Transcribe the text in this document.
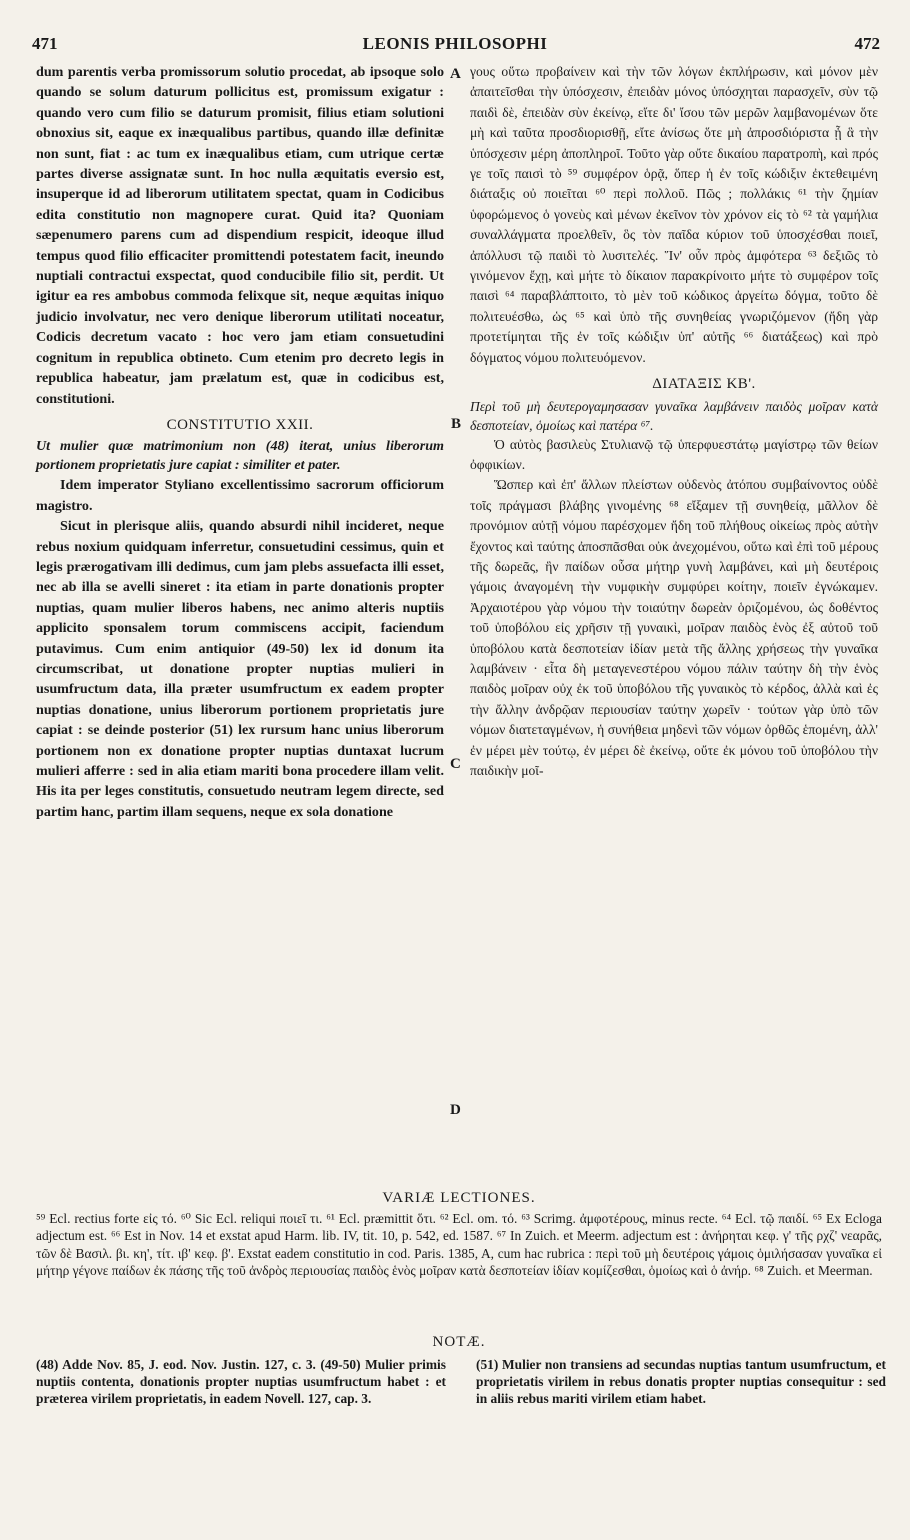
471	LEONIS PHILOSOPHI	472
A
B
C
D

dum parentis verba promissorum solutio procedat, ab ipsoque solo quando se solum daturum pollicitus est, promissum exigatur : quando vero cum filio se daturum promisit, filius etiam solutioni obnoxius sit, eaque ex inæqualibus partibus, quando illæ definitæ non sunt, fiat : ac tum ex inæqualibus etiam, cum utrique certæ partes diverse assignatæ sunt. In hoc nulla æquitatis eversio est, insuperque id ad liberorum utilitatem spectat, quam in Codicibus edita constitutio non magnopere curat. Quid ita? Quoniam sæpenumero parens cum ad dispendium respicit, ideoque illud tempus quod filio efficaciter promittendi potestatem facit, ineundo nuptiali contractui exspectat, quod conducibile filio sit, perdit. Ut igitur ea res ambobus commoda felixque sit, neque æquitas iniquo judicio involvatur, nec vero denique liberorum utilitati noceatur, Codicis decretum vacato : hoc vero jam etiam consuetudini cognitum in republica obtineto. Cum etenim pro decreto legis in republica habeatur, jam prælatum est, quæ in codicibus est, constitutioni.

CONSTITUTIO XXII.

Ut mulier quæ matrimonium non (48) iterat, unius liberorum portionem proprietatis jure capiat : similiter et pater.

Idem imperator Styliano excellentissimo sacrorum officiorum magistro.

Sicut in plerisque aliis, quando absurdi nihil incideret, neque rebus noxium quidquam inferretur, consuetudini cessimus, quin et legis prærogativam illi dedimus, cum jam plebs assuefacta illi esset, nec ab illa se avelli sineret : ita etiam in parte donationis propter nuptias, quam mulier liberos habens, nec animo alteris nuptiis applicito sponsalem torum commiscens accipit, faciendum putavimus. Cum enim antiquior (49-50) lex id donum ita circumscribat, ut donatione propter nuptias mulieri in usumfructum data, illa præter usumfructum ex eadem propter nuptias donatione, unius liberorum portionem proprietatis jure capiat : se deinde posterior (51) lex rursum hanc unius liberorum portionem non ex donatione propter nuptias duntaxat lucrum mulieri afferre : sed in alia etiam mariti bona procedere illam velit. His ita per leges constitutis, consuetudo neutram legem directe, sed partim hanc, partim illam sequens, neque ex sola donatione

γους οὕτω προβαίνειν καὶ τὴν τῶν λόγων ἐκπλήρωσιν, καὶ μόνον μὲν ἀπαιτεῖσθαι τὴν ὑπόσχεσιν, ἐπειδὰν μόνος ὑπόσχηται παρασχεῖν, σὺν τῷ παιδὶ δὲ, ἐπειδὰν σὺν ἐκείνῳ, εἴτε δι' ἴσου τῶν μερῶν λαμβανομένων ὅτε μὴ καὶ ταῦτα προσδιορισθῇ, εἴτε ἀνίσως ὅτε μὴ ἀπροσδιόριστα ᾖ ἃ τὴν ὑπόσχεσιν μέρη ἀποπληροῖ. Τοῦτο γὰρ οὔτε δικαίου παρατροπὴ, καὶ πρός γε τοῖς παισὶ τὸ ⁵⁹ συμφέρον ὁρᾷ, ὅπερ ἡ ἐν τοῖς κώδιξιν ἐκτεθειμένη διάταξις οὐ ποιεῖται ⁶⁰ περὶ πολλοῦ. Πῶς ; πολλάκις ⁶¹ τὴν ζημίαν ὑφορώμενος ὁ γονεὺς καὶ μένων ἐκεῖνον τὸν χρόνον εἰς τὸ ⁶² τὰ γαμήλια συναλλάγματα προελθεῖν, ὃς τὸν παῖδα κύριον τοῦ ὑποσχέσθαι ποιεῖ, ἀπόλλυσι τῷ παιδὶ τὸ λυσιτελές. Ἵν' οὖν πρὸς ἀμφότερα ⁶³ δεξιῶς τὸ γινόμενον ἔχῃ, καὶ μήτε τὸ δίκαιον παρακρίνοιτο μήτε τὸ συμφέρον τοῖς παισὶ ⁶⁴ παραβλάπτοιτο, τὸ μὲν τοῦ κώδικος ἀργείτω δόγμα, τοῦτο δὲ πολιτευέσθω, ὡς ⁶⁵ καὶ ὑπὸ τῆς συνηθείας γνωριζόμενον (ἤδη γὰρ προτετίμηται τῆς ἐν τοῖς κώδιξιν ὑπ' αὐτῆς ⁶⁶ διατάξεως) καὶ πρὸ δόγματος νόμου πολιτευόμενον.

ΔΙΑΤΑΞΙΣ ΚΒ'.

Περὶ τοῦ μὴ δευτερογαμησασαν γυναῖκα λαμβάνειν παιδὸς μοῖραν κατὰ δεσποτείαν, ὁμοίως καὶ πατέρα ⁶⁷.

Ὁ αὐτὸς βασιλεὺς Στυλιανῷ τῷ ὑπερφυεστάτῳ μαγίστρῳ τῶν θείων ὀφφικίων.

Ὥσπερ καὶ ἐπ' ἄλλων πλείστων οὐδενὸς ἀτόπου συμβαίνοντος οὐδὲ τοῖς πράγμασι βλάβης γινομένης ⁶⁸ εἴξαμεν τῇ συνηθείᾳ, μᾶλλον δὲ προνόμιον αὐτῇ νόμου παρέσχομεν ἤδη τοῦ πλήθους οἰκείως πρὸς αὐτὴν ἔχοντος καὶ ταύτης ἀποσπᾶσθαι οὐκ ἀνεχομένου, οὕτω καὶ ἐπὶ τοῦ μέρους τῆς δωρεᾶς, ἣν παίδων οὖσα μήτηρ γυνὴ λαμβάνει, καὶ μὴ δευτέροις γάμοις ἀναγομένη τὴν νυμφικὴν συμφύρει κοίτην, ποιεῖν ἐγνώκαμεν. Ἀρχαιοτέρου γὰρ νόμου τὴν τοιαύτην δωρεὰν ὁριζομένου, ὡς δοθέντος τοῦ ὑποβόλου εἰς χρῆσιν τῇ γυναικὶ, μοῖραν παιδὸς ἑνὸς ἐξ αὐτοῦ τοῦ ὑποβόλου κατὰ δεσποτείαν ἰδίαν μετὰ τῆς ἄλλης χρήσεως τὴν γυναῖκα λαμβάνειν · εἶτα δὴ μεταγενεστέρου νόμου πάλιν ταύτην δὴ τὴν ἑνὸς παιδὸς μοῖραν οὐχ ἐκ τοῦ ὑποβόλου τῆς γυναικὸς τὸ κέρδος, ἀλλὰ καὶ ἐς τὴν ἄλλην ἀνδρῷαν περιουσίαν ταύτην χωρεῖν · τούτων γὰρ ὑπὸ τῶν νόμων διατεταγμένων, ἡ συνήθεια μηδενὶ τῶν νόμων ὀρθῶς ἑπομένη, ἀλλ' ἐν μέρει μὲν τούτῳ, ἐν μέρει δὲ ἐκείνῳ, οὔτε ἐκ μόνου τοῦ ὑποβόλου τὴν παιδικὴν μοῖ-

VARIÆ LECTIONES.

⁵⁹ Ecl. rectius forte εἰς τό. ⁶⁰ Sic Ecl. reliqui ποιεῖ τι. ⁶¹ Ecl. præmittit ὅτι. ⁶² Ecl. om. τό. ⁶³ Scrimg. ἀμφοτέρους, minus recte. ⁶⁴ Ecl. τῷ παιδί. ⁶⁵ Ex Ecloga adjectum est. ⁶⁶ Est in Nov. 14 et exstat apud Harm. lib. IV, tit. 10, p. 542, ed. 1587. ⁶⁷ In Zuich. et Meerm. adjectum est : ἀνήρηται κεφ. γ' τῆς ρχζ' νεαρᾶς, τῶν δὲ Βασιλ. βι. κη', τίτ. ιβ' κεφ. β'. Exstat eadem constitutio in cod. Paris. 1385, A, cum hac rubrica : περὶ τοῦ μὴ δευτέροις γάμοις ὁμιλήσασαν γυναῖκα εἰ μήτηρ γέγονε παίδων ἐκ πάσης τῆς τοῦ ἀνδρὸς περιουσίας παιδὸς ἑνὸς μοῖραν κατὰ δεσποτείαν ἰδίαν κομίζεσθαι, ὁμοίως καὶ ὁ ἀνήρ. ⁶⁸ Zuich. et Meerman.

NOTÆ.

(48) Adde Nov. 85, J. eod. Nov. Justin. 127, c. 3. (49-50) Mulier primis nuptiis contenta, donationis propter nuptias usumfructum habet : et præterea virilem proprietatis, in eadem Novell. 127, cap. 3.

(51) Mulier non transiens ad secundas nuptias tantum usumfructum, et proprietatis virilem in rebus donatis propter nuptias consequitur : sed in aliis rebus mariti virilem etiam habet.
